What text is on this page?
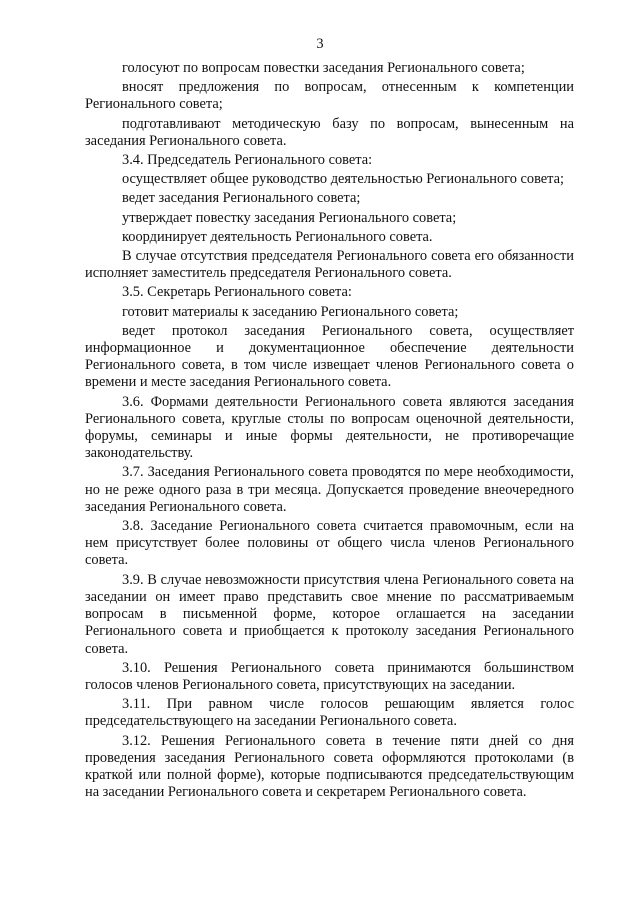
3

голосуют по вопросам повестки заседания Регионального совета;

вносят предложения по вопросам, отнесенным к компетенции Регионального совета;

подготавливают методическую базу по вопросам, вынесенным на заседания Регионального совета.

3.4. Председатель Регионального совета:

осуществляет общее руководство деятельностью Регионального совета;

ведет заседания Регионального совета;

утверждает повестку заседания Регионального совета;

координирует деятельность Регионального совета.

В случае отсутствия председателя Регионального совета его обязанности исполняет заместитель председателя Регионального совета.

3.5. Секретарь Регионального совета:

готовит материалы к заседанию Регионального совета;

ведет протокол заседания Регионального совета, осуществляет информационное и документационное обеспечение деятельности Регионального совета, в том числе извещает членов Регионального совета о времени и месте заседания Регионального совета.

3.6. Формами деятельности Регионального совета являются заседания Регионального совета, круглые столы по вопросам оценочной деятельности, форумы, семинары и иные формы деятельности, не противоречащие законодательству.

3.7. Заседания Регионального совета проводятся по мере необходимости, но не реже одного раза в три месяца. Допускается проведение внеочередного заседания Регионального совета.

3.8. Заседание Регионального совета считается правомочным, если на нем присутствует более половины от общего числа членов Регионального совета.

3.9. В случае невозможности присутствия члена Регионального совета на заседании он имеет право представить свое мнение по рассматриваемым вопросам в письменной форме, которое оглашается на заседании Регионального совета и приобщается к протоколу заседания Регионального совета.

3.10. Решения Регионального совета принимаются большинством голосов членов Регионального совета, присутствующих на заседании.

3.11. При равном числе голосов решающим является голос председательствующего на заседании Регионального совета.

3.12. Решения Регионального совета в течение пяти дней со дня проведения заседания Регионального совета оформляются протоколами (в краткой или полной форме), которые подписываются председательствующим на заседании Регионального совета и секретарем Регионального совета.
